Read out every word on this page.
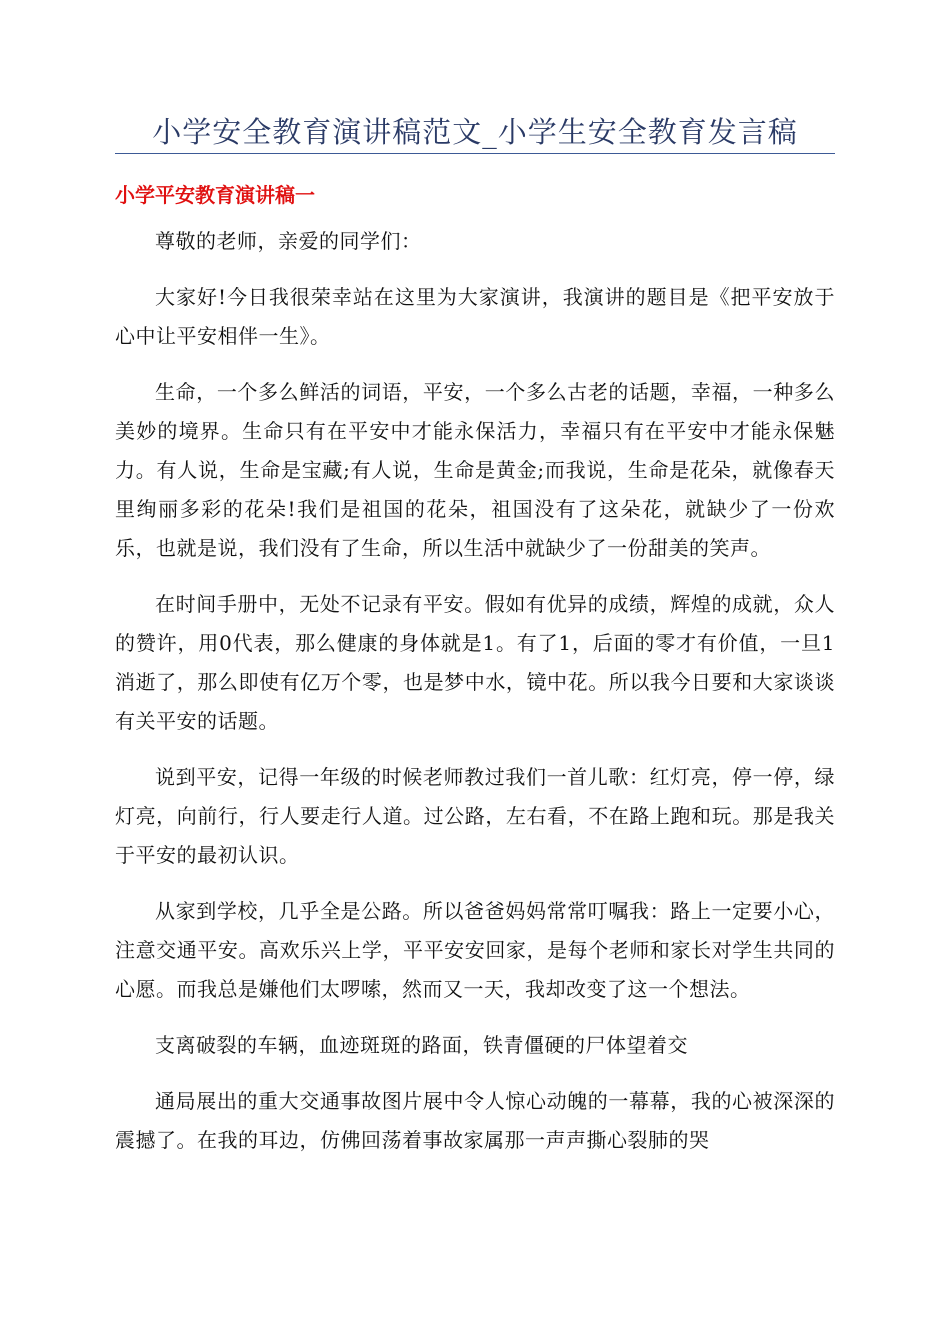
小学安全教育演讲稿范文_小学生安全教育发言稿
小学平安教育演讲稿一

尊敬的老师，亲爱的同学们：

大家好!今日我很荣幸站在这里为大家演讲，我演讲的题目是《把平安放于心中让平安相伴一生》。

生命，一个多么鲜活的词语，平安，一个多么古老的话题，幸福，一种多么美妙的境界。生命只有在平安中才能永保活力，幸福只有在平安中才能永保魅力。有人说，生命是宝藏;有人说，生命是黄金;而我说，生命是花朵，就像春天里绚丽多彩的花朵!我们是祖国的花朵，祖国没有了这朵花，就缺少了一份欢乐，也就是说，我们没有了生命，所以生活中就缺少了一份甜美的笑声。

在时间手册中，无处不记录有平安。假如有优异的成绩，辉煌的成就，众人的赞许，用0代表，那么健康的身体就是1。有了1，后面的零才有价值，一旦1消逝了，那么即使有亿万个零，也是梦中水，镜中花。所以我今日要和大家谈谈有关平安的话题。

说到平安，记得一年级的时候老师教过我们一首儿歌：红灯亮，停一停，绿灯亮，向前行，行人要走行人道。过公路，左右看，不在路上跑和玩。那是我关于平安的最初认识。

从家到学校，几乎全是公路。所以爸爸妈妈常常叮嘱我：路上一定要小心，注意交通平安。高欢乐兴上学，平平安安回家，是每个老师和家长对学生共同的心愿。而我总是嫌他们太啰嗦，然而又一天，我却改变了这一个想法。

支离破裂的车辆，血迹斑斑的路面，铁青僵硬的尸体望着交

通局展出的重大交通事故图片展中令人惊心动魄的一幕幕，我的心被深深的震撼了。在我的耳边，仿佛回荡着事故家属那一声声撕心裂肺的哭
